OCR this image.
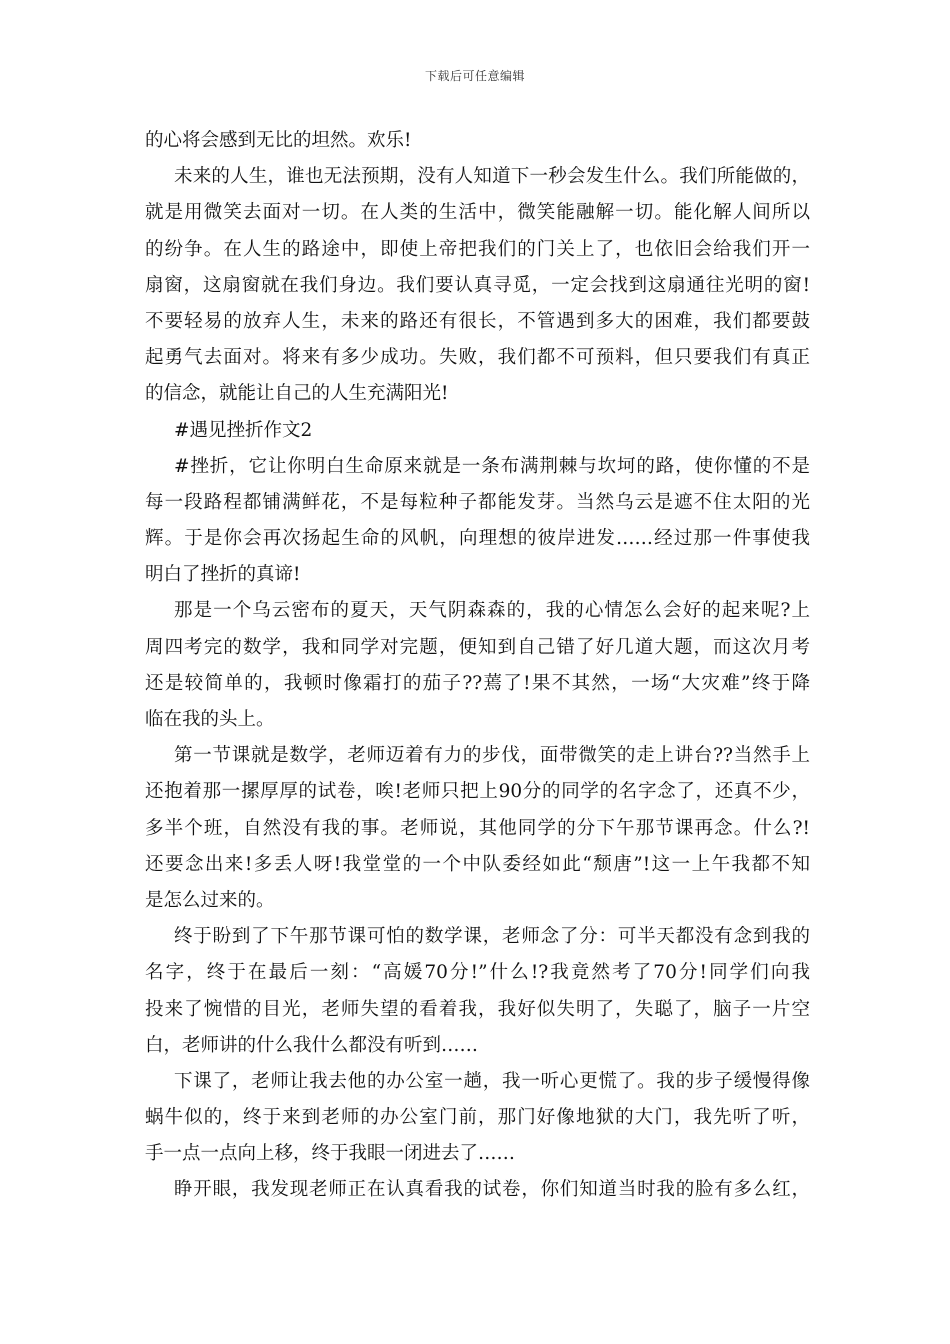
下载后可任意编辑
的心将会感到无比的坦然。欢乐!
未来的人生，谁也无法预期，没有人知道下一秒会发生什么。我们所能做的，
就是用微笑去面对一切。在人类的生活中，微笑能融解一切。能化解人间所以
的纷争。在人生的路途中，即使上帝把我们的门关上了，也依旧会给我们开一
扇窗，这扇窗就在我们身边。我们要认真寻觅，一定会找到这扇通往光明的窗!
不要轻易的放弃人生，未来的路还有很长，不管遇到多大的困难，我们都要鼓
起勇气去面对。将来有多少成功。失败，我们都不可预料，但只要我们有真正
的信念，就能让自己的人生充满阳光!
#遇见挫折作文2
#挫折，它让你明白生命原来就是一条布满荆棘与坎坷的路，使你懂的不是
每一段路程都铺满鲜花，不是每粒种子都能发芽。当然乌云是遮不住太阳的光
辉。于是你会再次扬起生命的风帆，向理想的彼岸进发……经过那一件事使我
明白了挫折的真谛!
那是一个乌云密布的夏天，天气阴森森的，我的心情怎么会好的起来呢?上
周四考完的数学，我和同学对完题，便知到自己错了好几道大题，而这次月考
还是较简单的，我顿时像霜打的茄子??蔫了!果不其然，一场“大灾难”终于降
临在我的头上。
第一节课就是数学，老师迈着有力的步伐，面带微笑的走上讲台??当然手上
还抱着那一摞厚厚的试卷，唉!老师只把上90分的同学的名字念了，还真不少，
多半个班，自然没有我的事。老师说，其他同学的分下午那节课再念。什么?!
还要念出来!多丢人呀!我堂堂的一个中队委经如此“颓唐”!这一上午我都不知
是怎么过来的。
终于盼到了下午那节课可怕的数学课，老师念了分：可半天都没有念到我的
名字，终于在最后一刻：“高媛70分!”什么!?我竟然考了70分!同学们向我
投来了惋惜的目光，老师失望的看着我，我好似失明了，失聪了，脑子一片空
白，老师讲的什么我什么都没有听到……
下课了，老师让我去他的办公室一趟，我一听心更慌了。我的步子缓慢得像
蜗牛似的，终于来到老师的办公室门前，那门好像地狱的大门，我先听了听，
手一点一点向上移，终于我眼一闭进去了……
睁开眼，我发现老师正在认真看我的试卷，你们知道当时我的脸有多么红，
